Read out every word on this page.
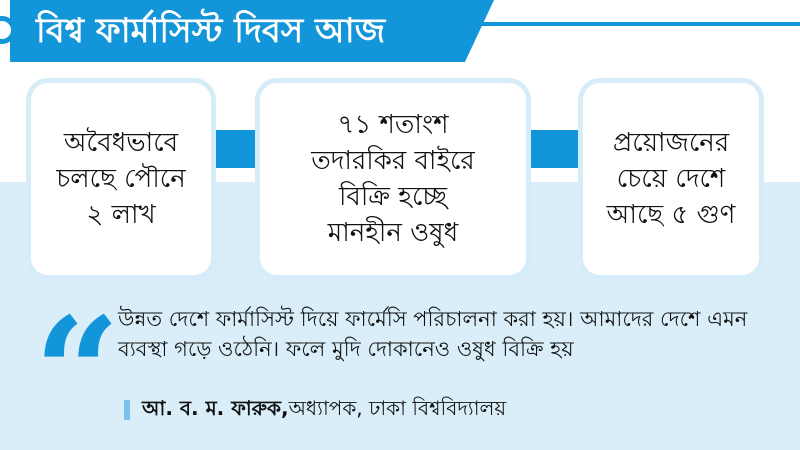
বিশ্ব ফার্মাসিস্ট দিবস আজ
অবৈধভাবে
চলছে পৌনে
২ লাখ
৭১ শতাংশ
তদারকির বাইরে
বিক্রি হচ্ছে
মানহীন ওষুধ
প্রয়োজনের
চেয়ে দেশে
আছে ৫ গুণ
“
উন্নত দেশে ফার্মাসিস্ট দিয়ে ফার্মেসি পরিচালনা করা হয়। আমাদের দেশে এমন ব্যবস্থা গড়ে ওঠেনি। ফলে মুদি দোকানেও ওষুধ বিক্রি হয়
আ. ব. ম. ফারুক, অধ্যাপক, ঢাকা বিশ্ববিদ্যালয়
